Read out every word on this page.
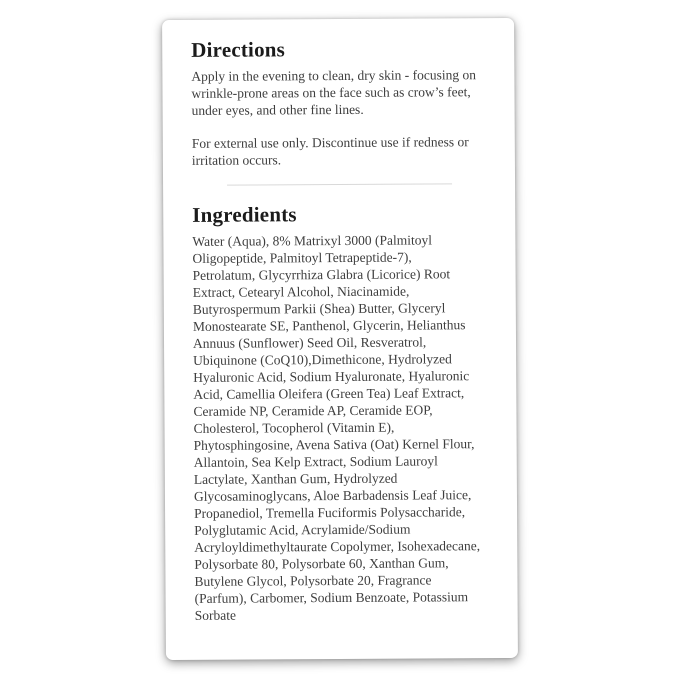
Directions

Apply in the evening to clean, dry skin - focusing on
wrinkle-prone areas on the face such as crow’s feet,
under eyes, and other fine lines.

For external use only. Discontinue use if redness or
irritation occurs.

Ingredients

Water (Aqua), 8% Matrixyl 3000 (Palmitoyl
Oligopeptide, Palmitoyl Tetrapeptide-7),
Petrolatum, Glycyrrhiza Glabra (Licorice) Root
Extract, Cetearyl Alcohol, Niacinamide,
Butyrospermum Parkii (Shea) Butter, Glyceryl
Monostearate SE, Panthenol, Glycerin, Helianthus
Annuus (Sunflower) Seed Oil, Resveratrol,
Ubiquinone (CoQ10),Dimethicone, Hydrolyzed
Hyaluronic Acid, Sodium Hyaluronate, Hyaluronic
Acid, Camellia Oleifera (Green Tea) Leaf Extract,
Ceramide NP, Ceramide AP, Ceramide EOP,
Cholesterol, Tocopherol (Vitamin E),
Phytosphingosine, Avena Sativa (Oat) Kernel Flour,
Allantoin, Sea Kelp Extract, Sodium Lauroyl
Lactylate, Xanthan Gum, Hydrolyzed
Glycosaminoglycans, Aloe Barbadensis Leaf Juice,
Propanediol, Tremella Fuciformis Polysaccharide,
Polyglutamic Acid, Acrylamide/Sodium
Acryloyldimethyltaurate Copolymer, Isohexadecane,
Polysorbate 80, Polysorbate 60, Xanthan Gum,
Butylene Glycol, Polysorbate 20, Fragrance
(Parfum), Carbomer, Sodium Benzoate, Potassium
Sorbate
